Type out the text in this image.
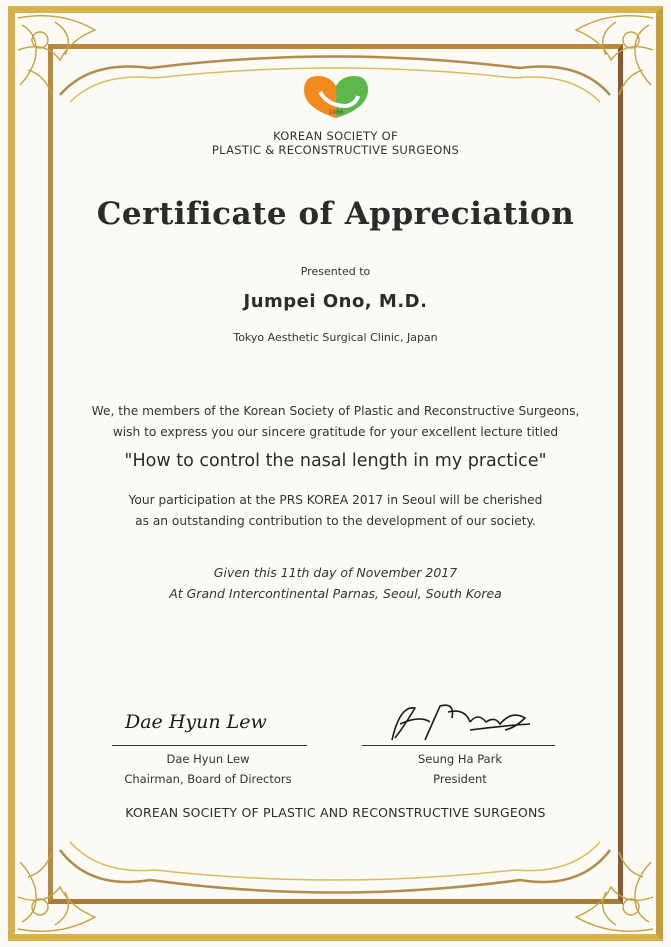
1966
KOREAN SOCIETY OF
PLASTIC & RECONSTRUCTIVE SURGEONS
Certificate of Appreciation
Presented to
Jumpei Ono, M.D.
Tokyo Aesthetic Surgical Clinic, Japan
We, the members of the Korean Society of Plastic and Reconstructive Surgeons,
wish to express you our sincere gratitude for your excellent lecture titled
"How to control the nasal length in my practice"
Your participation at the PRS KOREA 2017 in Seoul will be cherished
as an outstanding contribution to the development of our society.
Given this 11th day of November 2017
At Grand Intercontinental Parnas, Seoul, South Korea
Dae Hyun Lew
Dae Hyun Lew
Chairman, Board of Directors
Seung Ha Park
President
KOREAN SOCIETY OF PLASTIC AND RECONSTRUCTIVE SURGEONS
